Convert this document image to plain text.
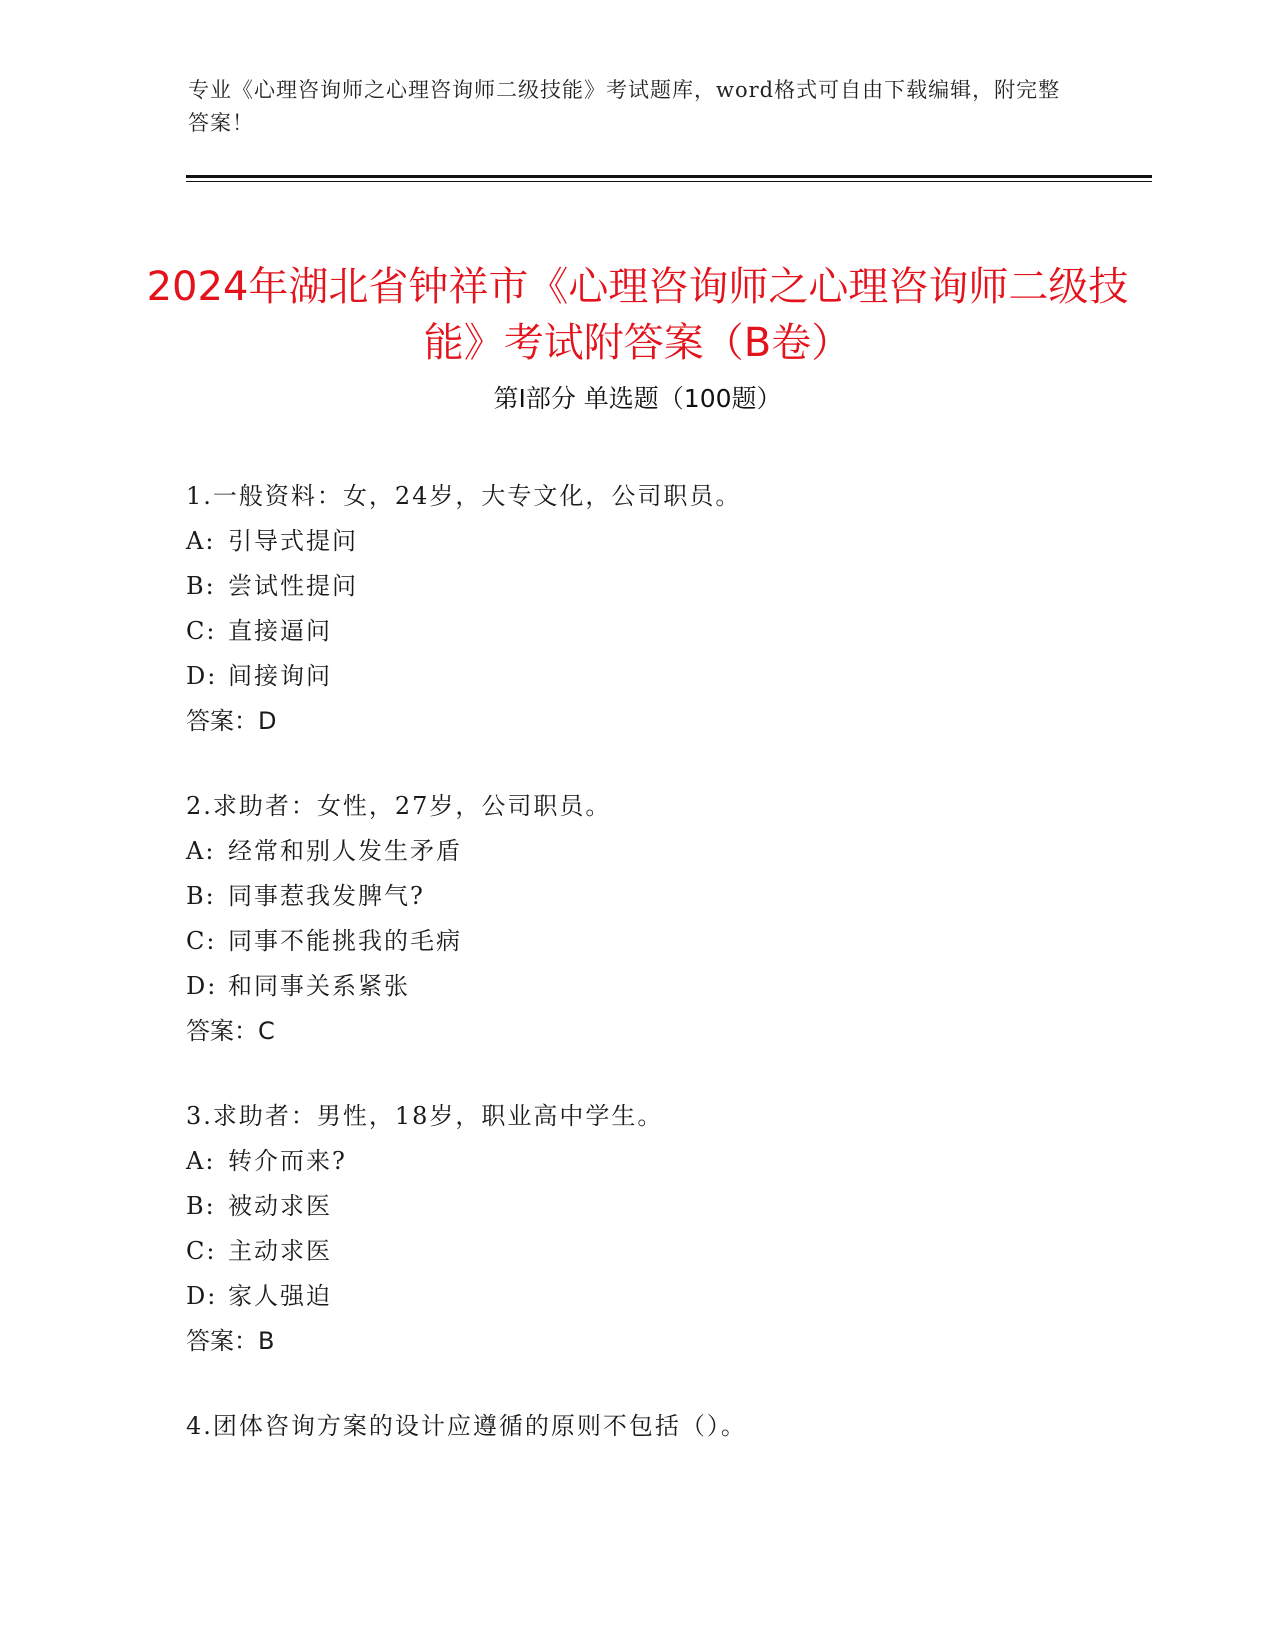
专业《心理咨询师之心理咨询师二级技能》考试题库，word格式可自由下载编辑，附完整答案！
2024年湖北省钟祥市《心理咨询师之心理咨询师二级技能》考试附答案（B卷）
第Ⅰ部分 单选题（100题）
1.一般资料：女，24岁，大专文化，公司职员。
A: 引导式提问
B: 尝试性提问
C: 直接逼问
D: 间接询问
答案：D
2.求助者：女性，27岁，公司职员。
A: 经常和别人发生矛盾
B: 同事惹我发脾气?
C: 同事不能挑我的毛病
D: 和同事关系紧张
答案：C
3.求助者：男性，18岁，职业高中学生。
A: 转介而来?
B: 被动求医
C: 主动求医
D: 家人强迫
答案：B
4.团体咨询方案的设计应遵循的原则不包括（）。
